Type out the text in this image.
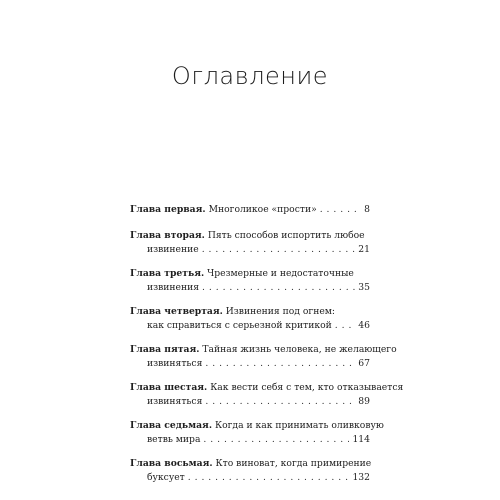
Оглавление
Глава первая.
Многоликое «прости» . . .	8
Глава вторая.
Пять способов испортить любое
извинение . . .	21
Глава третья.
Чрезмерные и недостаточные
извинения . . .	35
Глава четвертая.
Извинения под огнем:
как справиться с серьезной критикой . . .	46
Глава пятая.
Тайная жизнь человека, не желающего
извиняться . . .	67
Глава шестая.
Как вести себя с тем, кто отказывается
извиняться . . .	89
Глава седьмая.
Когда и как принимать оливковую
ветвь мира . . .	114
Глава восьмая.
Кто виноват, когда примирение
буксует . . .	132
